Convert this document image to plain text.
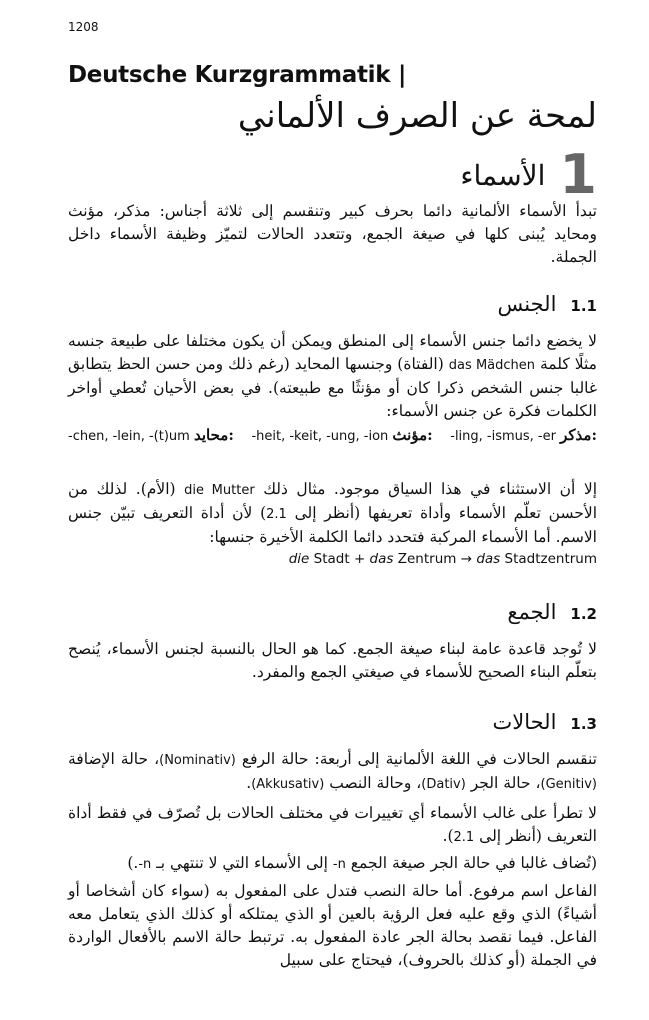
1208
Deutsche Kurzgrammatik |
لمحة عن الصرف الألماني
1
الأسماء
تبدأ الأسماء الألمانية دائما بحرف كبير وتنقسم إلى ثلاثة أجناس: مذكر، مؤنث ومحايد يُبنى كلها في صيغة الجمع، وتتعدد الحالات لتميّز وظيفة الأسماء داخل الجملة.
1.1
الجنس
لا يخضع دائما جنس الأسماء إلى المنطق ويمكن أن يكون مختلفا على طبيعة جنسه مثلًا كلمة das Mädchen (الفتاة) وجنسها المحايد (رغم ذلك ومن حسن الحظ يتطابق غالبا جنس الشخص ذكرا كان أو مؤنثًا مع طبيعته). في بعض الأحيان تُعطي أواخر الكلمات فكرة عن جنس الأسماء:
-chen, -lein, -(t)um محايد: -heit, -keit, -ung, -ion مؤنث: -ling, -ismus, -er مذكر:
إلا أن الاستثناء في هذا السياق موجود. مثال ذلك die Mutter (الأم). لذلك من الأحسن تعلّم الأسماء وأداة تعريفها (أنظر إلى 2.1) لأن أداة التعريف تبيّن جنس الاسم. أما الأسماء المركبة فتحدد دائما الكلمة الأخيرة جنسها:
die Stadt + das Zentrum → das Stadtzentrum
1.2
الجمع
لا تُوجد قاعدة عامة لبناء صيغة الجمع. كما هو الحال بالنسبة لجنس الأسماء، يُنصح بتعلّم البناء الصحيح للأسماء في صيغتي الجمع والمفرد.
1.3
الحالات
تنقسم الحالات في اللغة الألمانية إلى أربعة: حالة الرفع (Nominativ)، حالة الإضافة (Genitiv)، حالة الجر (Dativ)، وحالة النصب (Akkusativ).
لا تطرأ على غالب الأسماء أي تغييرات في مختلف الحالات بل تُصرّف في فقط أداة التعريف (أنظر إلى 2.1).
(تُضاف غالبا في حالة الجر صيغة الجمع -n إلى الأسماء التي لا تنتهي بـ -n.)
الفاعل اسم مرفوع. أما حالة النصب فتدل على المفعول به (سواء كان أشخاصا أو أشياءً) الذي وقع عليه فعل الرؤية بالعين أو الذي يمتلكه أو كذلك الذي يتعامل معه الفاعل. فيما نقصد بحالة الجر عادة المفعول به. ترتبط حالة الاسم بالأفعال الواردة في الجملة (أو كذلك بالحروف)، فيحتاج على سبيل
